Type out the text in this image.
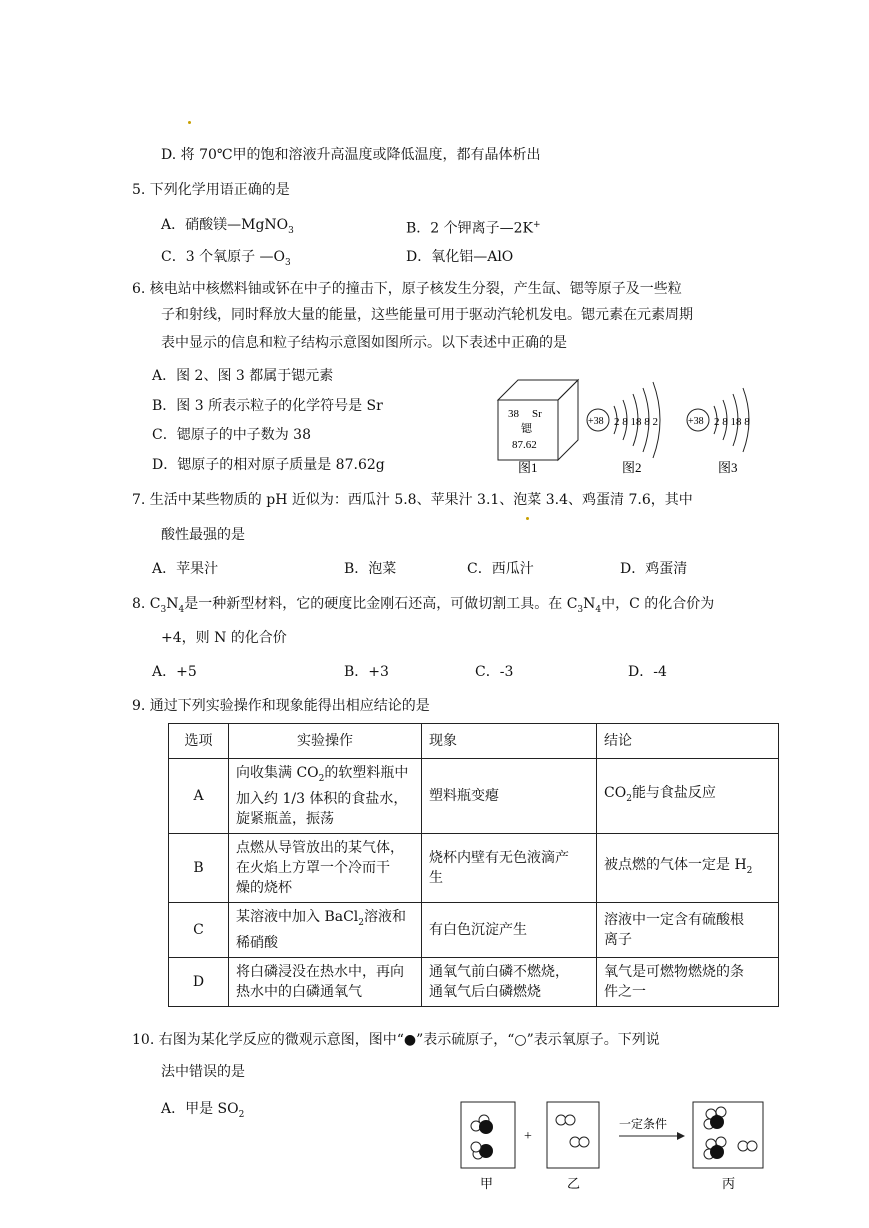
D. 将 70℃甲的饱和溶液升高温度或降低温度，都有晶体析出
5. 下列化学用语正确的是
A．硝酸镁—MgNO$_3$	B．2 个钾离子—2K+
C．3 个氧原子 $—O_3$	D．氧化铝—AlO
6. 核电站中核燃料铀或钚在中子的撞击下，原子核发生分裂，产生氙、锶等原子及一些粒
子和射线，同时释放大量的能量，这些能量可用于驱动汽轮机发电。锶元素在元素周期
表中显示的信息和粒子结构示意图如图所示。以下表述中正确的是
A．图 2、图 3 都属于锶元素
B．图 3 所表示粒子的化学符号是 Sr
C．锶原子的中子数为 38
D．锶原子的相对原子质量是 87.62g
38 Sr
锶
87.62
图1
+38 2 8 18 8 2
图2
+38 2 8 18 8
图3
7. 生活中某些物质的 pH 近似为：西瓜汁 5.8、苹果汁 3.1、泡菜 3.4、鸡蛋清 7.6，其中
酸性最强的是
A．苹果汁	B．泡菜	C．西瓜汁	D．鸡蛋清
8. $C_3N_4$是一种新型材料，它的硬度比金刚石还高，可做切割工具。在 $C_3N_4$中，C 的化合价为
+4，则 N 的化合价
A．+5	B．+3	C．-3	D．-4
9. 通过下列实验操作和现象能得出相应结论的是
选项	实验操作	现象	结论
A	向收集满 $CO_2$的软塑料瓶中
加入约 1/3 体积的食盐水，
旋紧瓶盖，振荡	塑料瓶变瘪	$CO_2$能与食盐反应
B	点燃从导管放出的某气体，
在火焰上方罩一个冷而干
燥的烧杯	烧杯内壁有无色液滴产
生	被点燃的气体一定是 $H_2$
C	某溶液中加入 BaCl$_2$溶液和
稀硝酸	有白色沉淀产生	溶液中一定含有硫酸根
离子
D	将白磷浸没在热水中，再向
热水中的白磷通氧气	通氧气前白磷不燃烧，
通氧气后白磷燃烧	氧气是可燃物燃烧的条
件之一
10. 右图为某化学反应的微观示意图，图中“●”表示硫原子，“○”表示氧原子。下列说
法中错误的是
A．甲是 $SO_2$
甲
+
乙
一定条件
丙
